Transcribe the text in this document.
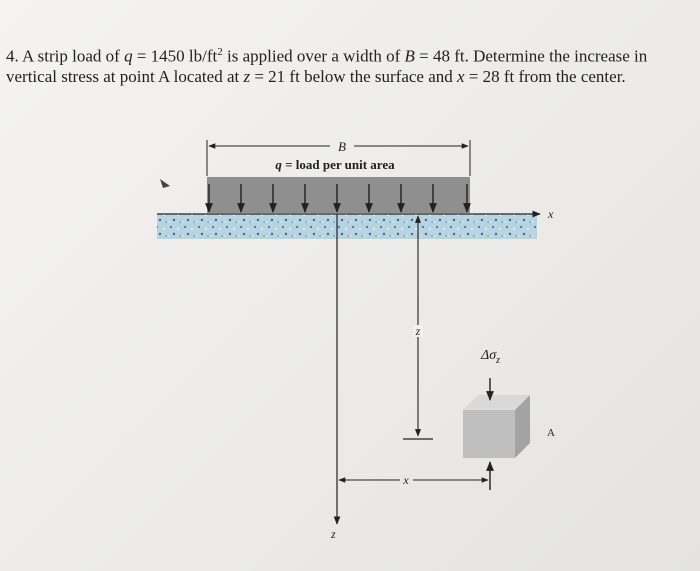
4. A strip load of q = 1450 $lb/ft^2$ is applied over a width of B = 48 ft. Determine the increase in vertical stress at point A located at z = 21 ft below the surface and x = 28 ft from the center.
B
q = load per unit area
x
z
z
x
$\Delta\sigma_z$
A
